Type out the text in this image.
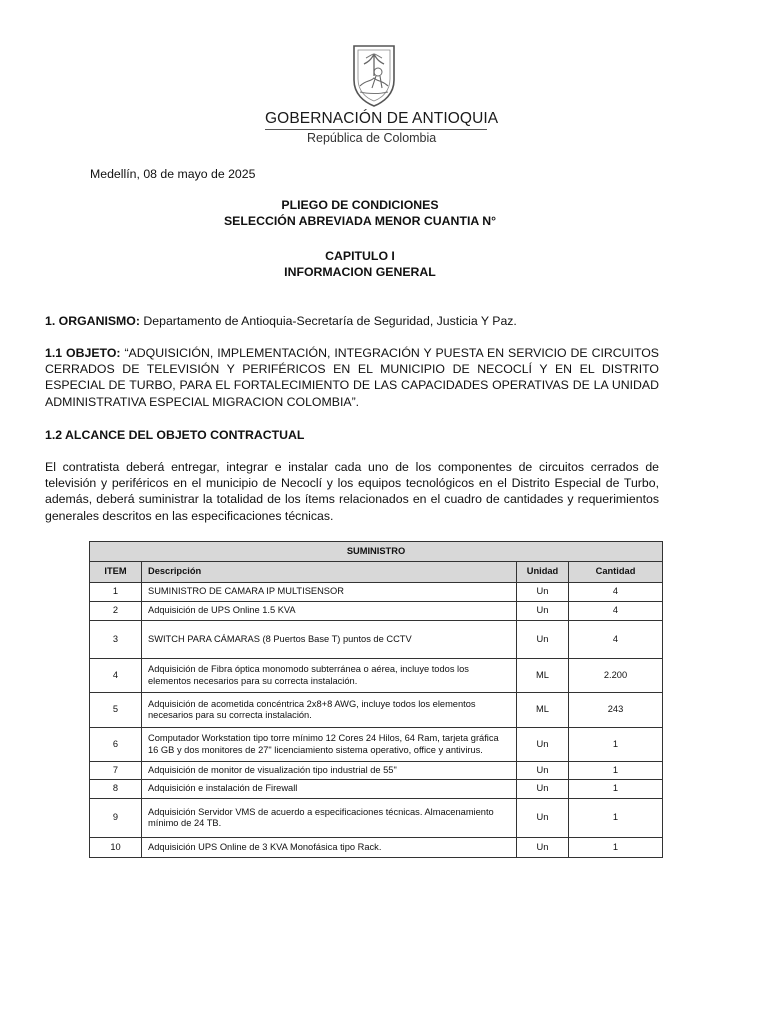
GOBERNACIÓN DE ANTIOQUIA
República de Colombia
Medellín, 08 de mayo de 2025
PLIEGO DE CONDICIONES
SELECCIÓN ABREVIADA MENOR CUANTIA N°
CAPITULO I
INFORMACION GENERAL
1. ORGANISMO: Departamento de Antioquia-Secretaría de Seguridad, Justicia Y Paz.
1.1 OBJETO: “ADQUISICIÓN, IMPLEMENTACIÓN, INTEGRACIÓN Y PUESTA EN SERVICIO DE CIRCUITOS CERRADOS DE TELEVISIÓN Y PERIFÉRICOS EN EL MUNICIPIO DE NECOCLÍ Y EN EL DISTRITO ESPECIAL DE TURBO, PARA EL FORTALECIMIENTO DE LAS CAPACIDADES OPERATIVAS DE LA UNIDAD ADMINISTRATIVA ESPECIAL MIGRACION COLOMBIA”.
1.2 ALCANCE DEL OBJETO CONTRACTUAL
El contratista deberá entregar, integrar e instalar cada uno de los componentes de circuitos cerrados de televisión y periféricos en el municipio de Necoclí y los equipos tecnológicos en el Distrito Especial de Turbo, además, deberá suministrar la totalidad de los ítems relacionados en el cuadro de cantidades y requerimientos generales descritos en las especificaciones técnicas.
SUMINISTRO			
ITEM	Descripción	Unidad	Cantidad
1	SUMINISTRO DE CAMARA IP MULTISENSOR	Un	4
2	Adquisición de UPS Online 1.5 KVA	Un	4
3	SWITCH PARA CÁMARAS (8 Puertos Base T) puntos de CCTV	Un	4
4	Adquisición de Fibra óptica monomodo subterránea o aérea, incluye todos los elementos necesarios para su correcta instalación.	ML	2.200
5	Adquisición de acometida concéntrica 2x8+8 AWG, incluye todos los elementos necesarios para su correcta instalación.	ML	243
6	Computador Workstation tipo torre mínimo 12 Cores 24 Hilos, 64 Ram, tarjeta gráfica 16 GB y dos monitores de 27" licenciamiento sistema operativo, office y antivirus.	Un	1
7	Adquisición de monitor de visualización tipo industrial de 55"	Un	1
8	Adquisición e instalación de Firewall	Un	1
9	Adquisición Servidor VMS de acuerdo a especificaciones técnicas. Almacenamiento mínimo de 24 TB.	Un	1
10	Adquisición UPS Online de 3 KVA Monofásica tipo Rack.	Un	1
